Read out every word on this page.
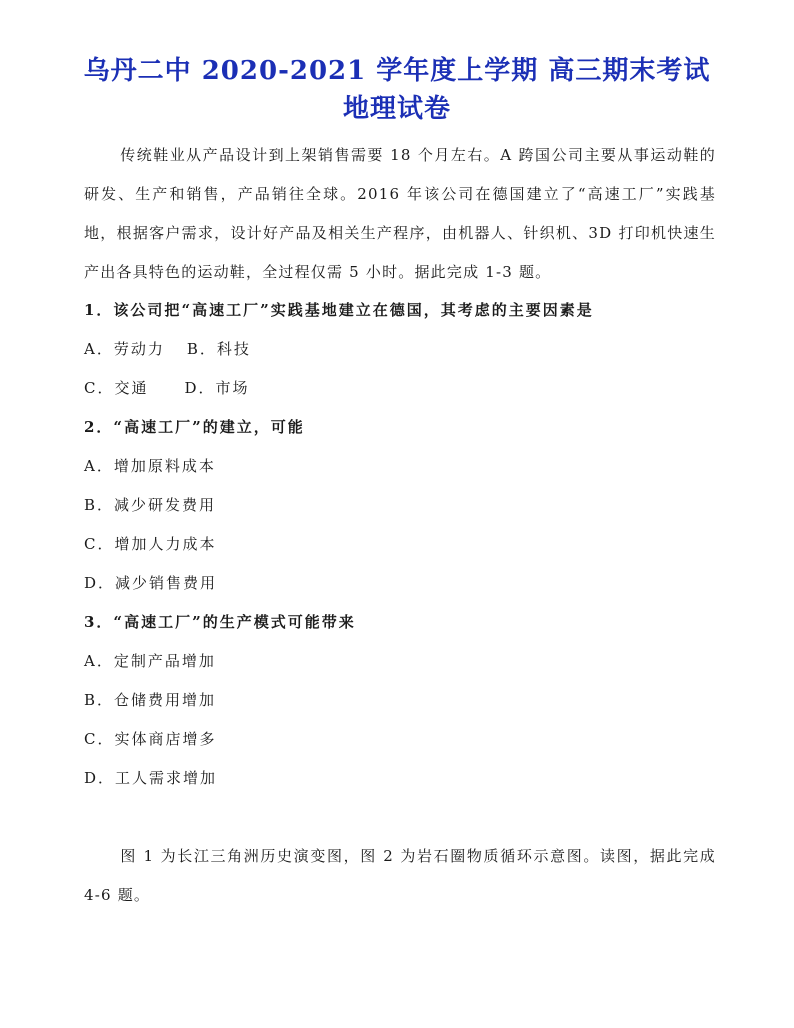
乌丹二中 2020-2021 学年度上学期 高三期末考试
地理试卷
传统鞋业从产品设计到上架销售需要 18 个月左右。A 跨国公司主要从事运动鞋的研发、生产和销售，产品销往全球。2016 年该公司在德国建立了“高速工厂”实践基地，根据客户需求，设计好产品及相关生产程序，由机器人、针织机、3D 打印机快速生产出各具特色的运动鞋，全过程仅需 5 小时。据此完成 1-3 题。
1．该公司把“高速工厂”实践基地建立在德国，其考虑的主要因素是
A．劳动力 B．科技
C．交通 D．市场
2．“高速工厂”的建立，可能
A．增加原料成本
B．减少研发费用
C．增加人力成本
D．减少销售费用
3．“高速工厂”的生产模式可能带来
A．定制产品增加
B．仓储费用增加
C．实体商店增多
D．工人需求增加
图 1 为长江三角洲历史演变图，图 2 为岩石圈物质循环示意图。读图，据此完成 4-6 题。
